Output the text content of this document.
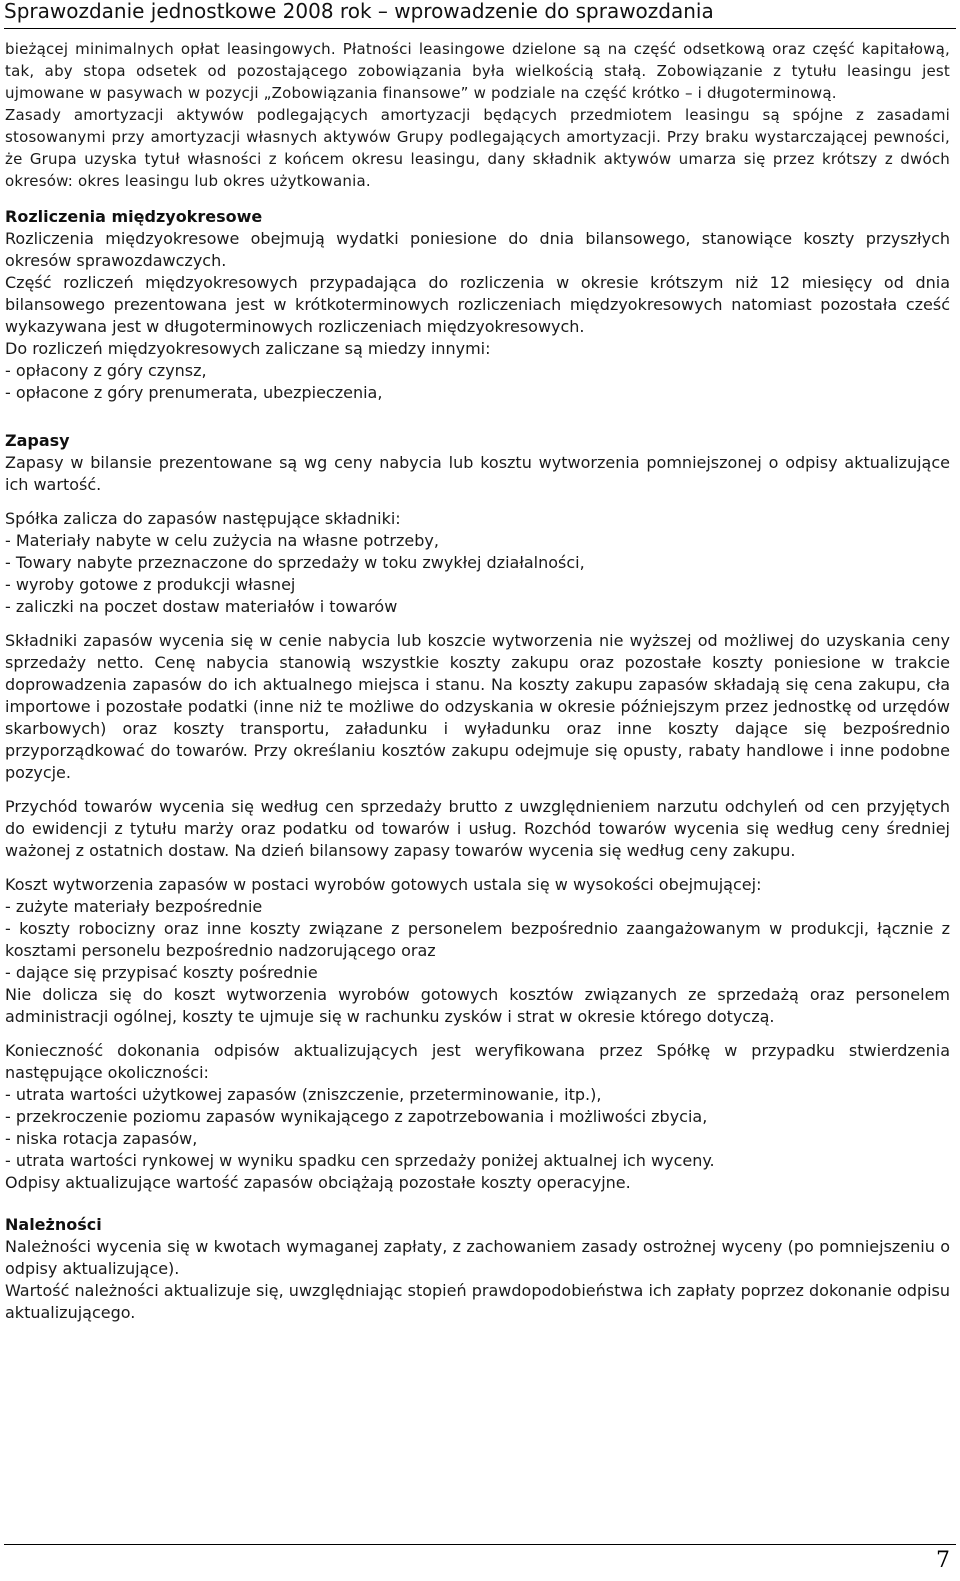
Sprawozdanie jednostkowe 2008 rok – wprowadzenie do sprawozdania

bieżącej minimalnych opłat leasingowych. Płatności leasingowe dzielone są na część odsetkową oraz część kapitałową, tak, aby stopa odsetek od pozostającego zobowiązania była wielkością stałą. Zobowiązanie z tytułu leasingu jest ujmowane w pasywach w pozycji „Zobowiązania finansowe” w podziale na część krótko – i długoterminową.

Zasady amortyzacji aktywów podlegających amortyzacji będących przedmiotem leasingu są spójne z zasadami stosowanymi przy amortyzacji własnych aktywów Grupy podlegających amortyzacji. Przy braku wystarczającej pewności, że Grupa uzyska tytuł własności z końcem okresu leasingu, dany składnik aktywów umarza się przez krótszy z dwóch okresów: okres leasingu lub okres użytkowania.

Rozliczenia międzyokresowe

Rozliczenia międzyokresowe obejmują wydatki poniesione do dnia bilansowego, stanowiące koszty przyszłych okresów sprawozdawczych.

Część rozliczeń międzyokresowych przypadająca do rozliczenia w okresie krótszym niż 12 miesięcy od dnia bilansowego prezentowana jest w krótkoterminowych rozliczeniach międzyokresowych natomiast pozostała cześć wykazywana jest w długoterminowych rozliczeniach międzyokresowych.

Do rozliczeń międzyokresowych zaliczane są miedzy innymi:

- opłacony z góry czynsz,

- opłacone z góry prenumerata, ubezpieczenia,

Zapasy

Zapasy w bilansie prezentowane są wg ceny nabycia lub kosztu wytworzenia pomniejszonej o odpisy aktualizujące ich wartość.

Spółka zalicza do zapasów następujące składniki:

- Materiały nabyte w celu zużycia na własne potrzeby,

- Towary nabyte przeznaczone do sprzedaży w toku zwykłej działalności,

- wyroby gotowe z produkcji własnej

- zaliczki na poczet dostaw materiałów i towarów

Składniki zapasów wycenia się w cenie nabycia lub koszcie wytworzenia nie wyższej od możliwej do uzyskania ceny sprzedaży netto. Cenę nabycia stanowią wszystkie koszty zakupu oraz pozostałe koszty poniesione w trakcie doprowadzenia zapasów do ich aktualnego miejsca i stanu. Na koszty zakupu zapasów składają się cena zakupu, cła importowe i pozostałe podatki (inne niż te możliwe do odzyskania w okresie późniejszym przez jednostkę od urzędów skarbowych) oraz koszty transportu, załadunku i wyładunku oraz inne koszty dające się bezpośrednio przyporządkować do towarów. Przy określaniu kosztów zakupu odejmuje się opusty, rabaty handlowe i inne podobne pozycje.

Przychód towarów wycenia się według cen sprzedaży brutto z uwzględnieniem narzutu odchyleń od cen przyjętych do ewidencji z tytułu marży oraz podatku od towarów i usług. Rozchód towarów wycenia się według ceny średniej ważonej z ostatnich dostaw. Na dzień bilansowy zapasy towarów wycenia się według ceny zakupu.

Koszt wytworzenia zapasów w postaci wyrobów gotowych ustala się w wysokości obejmującej:

- zużyte materiały bezpośrednie

- koszty robocizny oraz inne koszty związane z personelem bezpośrednio zaangażowanym w produkcji, łącznie z kosztami personelu bezpośrednio nadzorującego oraz

- dające się przypisać koszty pośrednie

Nie dolicza się do koszt wytworzenia wyrobów gotowych kosztów związanych ze sprzedażą oraz personelem administracji ogólnej, koszty te ujmuje się w rachunku zysków i strat w okresie którego dotyczą.

Konieczność dokonania odpisów aktualizujących jest weryfikowana przez Spółkę w przypadku stwierdzenia następujące okoliczności:

- utrata wartości użytkowej zapasów (zniszczenie, przeterminowanie, itp.),

- przekroczenie poziomu zapasów wynikającego z zapotrzebowania i możliwości zbycia,

- niska rotacja zapasów,

- utrata wartości rynkowej w wyniku spadku cen sprzedaży poniżej aktualnej ich wyceny.

Odpisy aktualizujące wartość zapasów obciążają pozostałe koszty operacyjne.

Należności

Należności wycenia się w kwotach wymaganej zapłaty, z zachowaniem zasady ostrożnej wyceny (po pomniejszeniu o odpisy aktualizujące).

Wartość należności aktualizuje się, uwzględniając stopień prawdopodobieństwa ich zapłaty poprzez dokonanie odpisu aktualizującego.

7
